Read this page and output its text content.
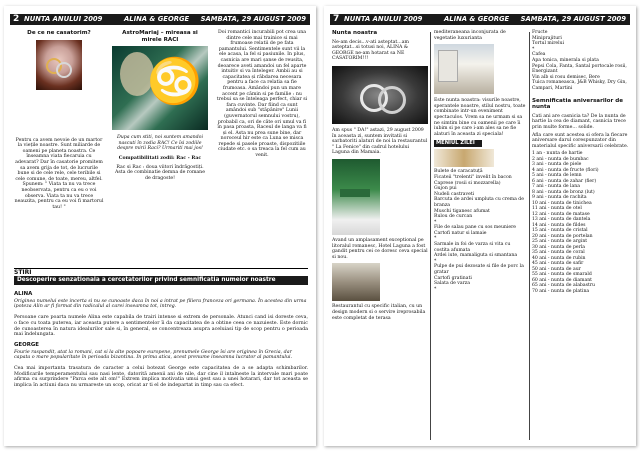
2 NUNTA ANULUI 2009	ALINA & GEORGE SAMBATA, 29 AUGUST 2009
De ce ne casatorim?

Pentru ca avem nevoie de un martor la viețile noastre. Sunt miliarde de oameni pe planeta noastra. Ce înseamna viata fiecaruia cu adevarat? Dar în casatorie promitem sa avem grija de tot, de lucrurile bune si de cele rele, cele teribile si cele comune, de toate, mereu, altfel. Spunem: " Viata ta nu va trece neobservata, pentru ca eu o voi observa. Viata ta nu va trece neauzita, pentru ca eu voi fi martorul tau! "

AstroMariaj – mireasa si mirele RACI
♋

Dupa cum stiti, noi suntem amandoi nascuti în zodia RAC! Ce îsi zodiile despre mirii Raci? Urmariti mai jos!

Compatibilitati zodii: Rac - Rac

Rac si Rac : doua viitori îndrăgostiți. Asta de combinatie demna de romane de dragoste!

Doi romantici incurabili pot crea una dintre cele mai trainice si mai frumoase relatii de pe fata pamantului. Sentimentele sunt vii la ele acasa, la fel si pasiunile. In plus, casnicia are mari șanse de reusita, deoarece aveti amandoi un fel aparte intuitiv si va înteleger. Ambii au si capacitatea și răbdarea necesara pentru a face ca relatia sa fie frumoasa. Amândoi pun un mare accent pe cămin si pe familie : nu trebui sa se înteleaga perfect, chiar si fara cuvinte. Dar fiind ca sunt amândoi sub "stăpânire" Lunii (guvernatorul semnului vostru), probabil ca, ori de câte ori umul va fi în pasa proasta, Raceul de langa va fi și el. Asta nu prea sune bine, dar noroceul hir este ca Luna se misca repede si pasele proaste, dispozitiile ciudate etc. o sa treaca la fel cum au venit.

STIRI
Descoperire senzationala a cercetatorilor privind semnificatia numelor noastre
ALINA

Originea numelui este incerta si nu se cunoaste daca în noi a intrat pe filiera franceza ori germana. În acestea din urma ipoteza Alin ar fi format din radicalul al carei inseamna tot, intreg.

Persoane care poarta numele Alina este capabila de trairi intense si extrem de personale. Atunci cand isi doreste ceva, o face cu toata puterea, iar aceasta putere a sentimentelor îi da capacitatea de a obtine ceea ce nazuieste. Este dornic de cunoasterea în natura idealurilor sale si, în general, se concentreaza asupra aceluiasi tip de scop pentru o perioada mai îndelungata.

GEORGE

Fourie raspandit, atat la romani, cat si la alte popoare europene, prenumele George îsi are originea în Grecia, dar capata o mare popularitate în perioada bizantina. In prima atica, acest prenume inseamna lucrator al pamantului.

Cea mai importanta trasatura de caracter a celui botezat George este capacitatea de a se adapta schimbarilor. Modificarile temperamentului sau nasi lente, datorită amenii ani de nile, dar cine il intalneste la intervale mari poate afirma cu surprindere "Parca este alt om!" Extrem implica motivatia umui gest sau a unei hotarari, dar tot aceasta se implica în actiuni daca nu urmareste un scop, oricat ar ti el de indepartat in timp sau ca efect.

7 NUNTA ANULUI 2009	ALINA & GEORGE SAMBATA, 29 AUGUST 2009
Nunta noastra

Ne-am decis...v-ati asteptat...am asteptat...si totusi noi, ALINA & GEORGE ne-am hotarat sa NE CASATORIM!!!

Am spus " DA!" astazi, 29 august 2009 în aceasta zi, suntem invitatii si sarbatoriti alaturi de noi la restaurantul " La Fenice" din cadrul hotelului Laguna din Mamaia.

Avand un amplasament exceptional pe litoralul romanesc, Hotel Laguna a fost gandit pentru cei ce doresc ceva special si nou.

Restaurantul cu specific italian, cu un design modern si o servire ireprosabila este completat de terasa

mediteraneana inconjurata de vegetatie luxurianta

Este nunta noastra: visurile noastre, sperantele noastre, stilul nostru, toate combinate intr-un eveniment spectaculos. Vrem sa ne urmam si sa ne simtim bine cu oamenii pe care îi iubim si pe care i-am ales sa ne fie alaturi în aceasta zi speciala!

MENIUL ZILEI
Bulete de caracatuță
Ficateii "trelenti" invelit în bacon
Caprese (rosii si mozzarella)
Gujon pui
Nudeli castraveti
Barcuta de ardei umpluta cu crema de branza
Muschi tiganesc afumat
Rulou de curcan
*
File de salau pane cu sos meuniere
Cartofi natur si lamaie
*
Sarmale in foi de varza si vita cu costita afumata
Ardei iute, mamaliguta si smantana
*
Pulpe de pui dezosate si file de porc la gratar
Cartofi gratinati
Salata de varza
*
Fructe
Miniprajituri
Tortul mirelui
*
Cafea
Apa tonica, minerala si plata
Pepsi Cola, Fanta, Santal portocale rosii, Energizant
Vin alb si rosu demisec, Bere
Tuica romaneasca, J&B Whisky, Dry Gin, Campari, Martini
Semnificatia aniversarilor de nunta

Cati ani are casnicia ta? De la nunta de hartie la cea de diamant, casnicia trece prin multe forme... solide.

Afla care sunt acestea si ofera la fiecare aniversare darul corespunzator din materialul specific aniversarii celebrate.

1 an - nunta de hartie
2 ani - nunta de bumbac
3 ani - nunta de piele
4 ani - nunta de fructe (flori)
5 ani - nunta de lemn
6 ani - nunta de zahar (fier)
7 ani - nunta de lana
8 ani - nunta de bronz (lut)
9 ani - nunta de rachita
10 ani - nunta de tinichea
11 ani - nunta de otel
12 ani - nunta de matase
13 ani - nunta de dantela
14 ani - nunta de fildes
15 ani - nunta de cristal
20 ani - nunta de portelan
25 ani - nunta de argint
30 ani - nunta de perla
35 ani - nunta de coral
40 ani - nunta de rubin
45 ani - nunta de safir
50 ani - nunta de aur
55 ani - nunta de smarald
60 ani - nunta de diamant
65 ani - nunta de alabastru
70 ani - nunta de platina
